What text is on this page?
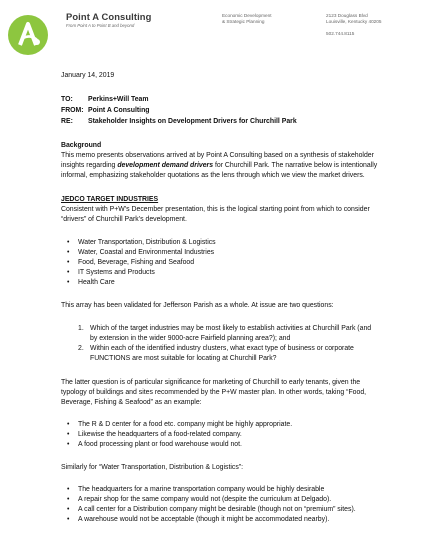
Point A Consulting
From Point A to Point B and beyond
Economic Development
& Strategic Planning
2123 Douglass Blvd
Louisville, Kentucky 40205
502.744.8115
January 14, 2019
TO: Perkins+Will Team
FROM: Point A Consulting
RE: Stakeholder Insights on Development Drivers for Churchill Park
Background
This memo presents observations arrived at by Point A Consulting based on a synthesis of stakeholder
insights regarding development demand drivers for Churchill Park. The narrative below is intentionally
informal, emphasizing stakeholder quotations as the lens through which we view the market drivers.
JEDCO TARGET INDUSTRIES
Consistent with P+W’s December presentation, this is the logical starting point from which to consider
“drivers” of Churchill Park’s development.
• Water Transportation, Distribution & Logistics
• Water, Coastal and Environmental Industries
• Food, Beverage, Fishing and Seafood
• IT Systems and Products
• Health Care
This array has been validated for Jefferson Parish as a whole. At issue are two questions:
1. Which of the target industries may be most likely to establish activities at Churchill Park (and
by extension in the wider 9000-acre Fairfield planning area?); and
2. Within each of the identified industry clusters, what exact type of business or corporate
FUNCTIONS are most suitable for locating at Churchill Park?
The latter question is of particular significance for marketing of Churchill to early tenants, given the
typology of buildings and sites recommended by the P+W master plan. In other words, taking “Food,
Beverage, Fishing & Seafood” as an example:
• The R & D center for a food etc. company might be highly appropriate.
• Likewise the headquarters of a food-related company.
• A food processing plant or food warehouse would not.
Similarly for “Water Transportation, Distribution & Logistics”:
• The headquarters for a marine transportation company would be highly desirable
• A repair shop for the same company would not (despite the curriculum at Delgado).
• A call center for a Distribution company might be desirable (though not on “premium” sites).
• A warehouse would not be acceptable (though it might be accommodated nearby).
